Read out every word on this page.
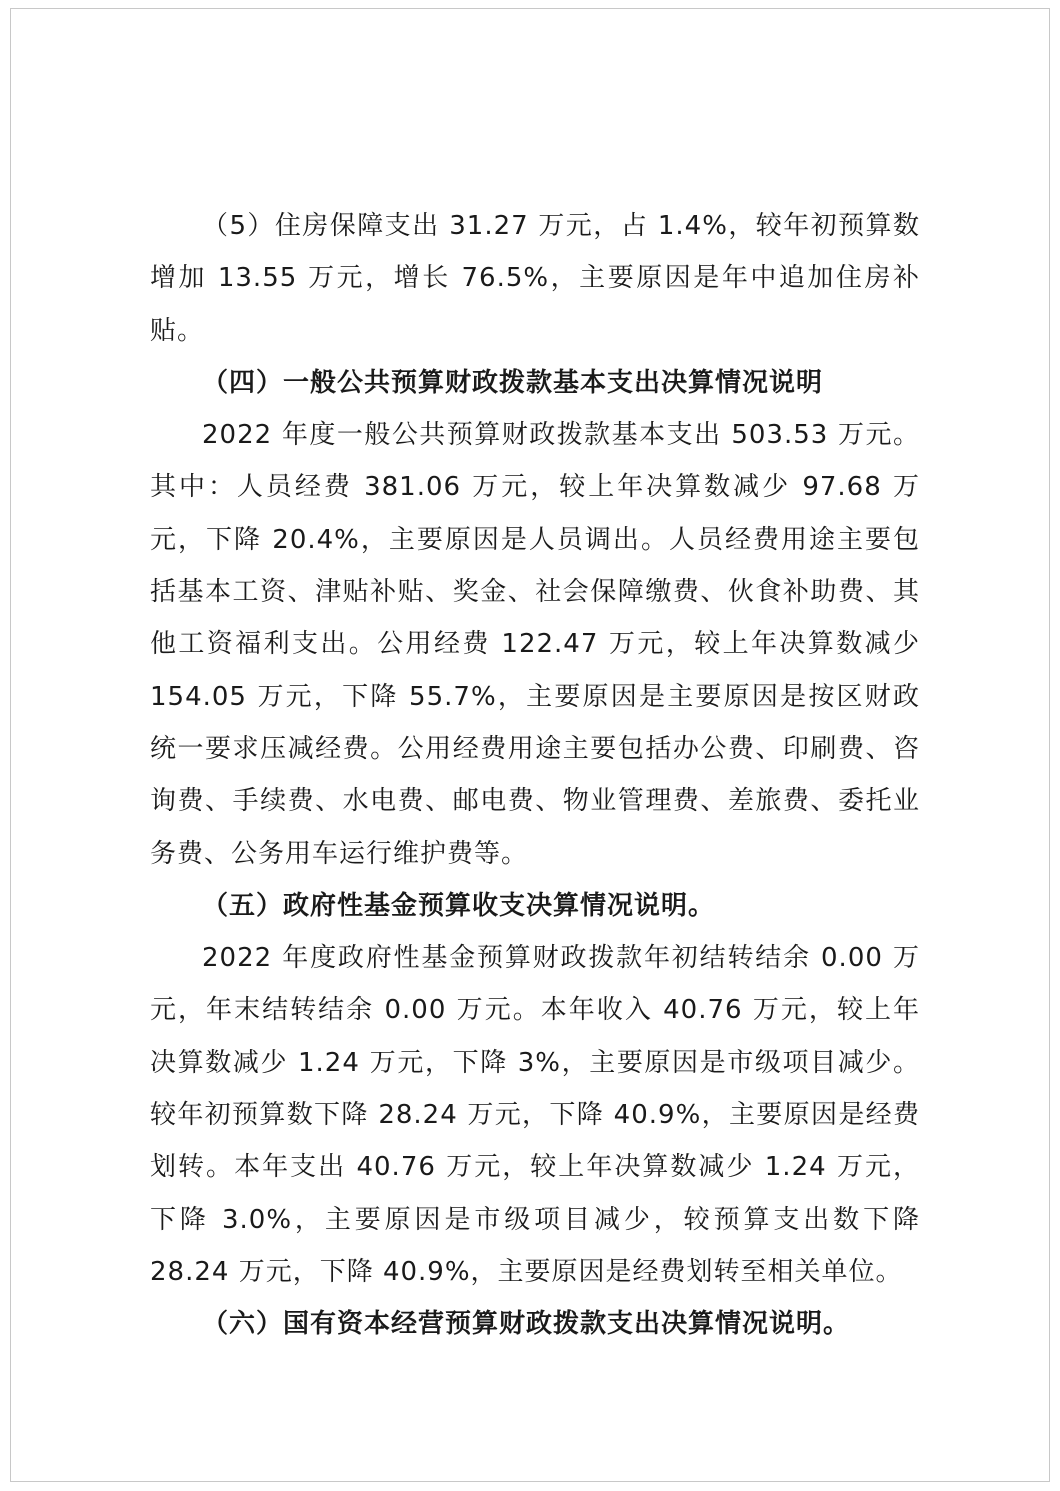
（5）住房保障支出 31.27 万元，占 1.4%，较年初预算数增加 13.55 万元，增长 76.5%，主要原因是年中追加住房补贴。

（四）一般公共预算财政拨款基本支出决算情况说明

2022 年度一般公共预算财政拨款基本支出 503.53 万元。其中：人员经费 381.06 万元，较上年决算数减少 97.68 万元，下降 20.4%，主要原因是人员调出。人员经费用途主要包括基本工资、津贴补贴、奖金、社会保障缴费、伙食补助费、其他工资福利支出。公用经费 122.47 万元，较上年决算数减少 154.05 万元，下降 55.7%，主要原因是主要原因是按区财政统一要求压减经费。公用经费用途主要包括办公费、印刷费、咨询费、手续费、水电费、邮电费、物业管理费、差旅费、委托业务费、公务用车运行维护费等。

（五）政府性基金预算收支决算情况说明。

2022 年度政府性基金预算财政拨款年初结转结余 0.00 万元，年末结转结余 0.00 万元。本年收入 40.76 万元，较上年决算数减少 1.24 万元，下降 3%，主要原因是市级项目减少。较年初预算数下降 28.24 万元，下降 40.9%，主要原因是经费划转。本年支出 40.76 万元，较上年决算数减少 1.24 万元，下降 3.0%，主要原因是市级项目减少，较预算支出数下降 28.24 万元，下降 40.9%，主要原因是经费划转至相关单位。

（六）国有资本经营预算财政拨款支出决算情况说明。
